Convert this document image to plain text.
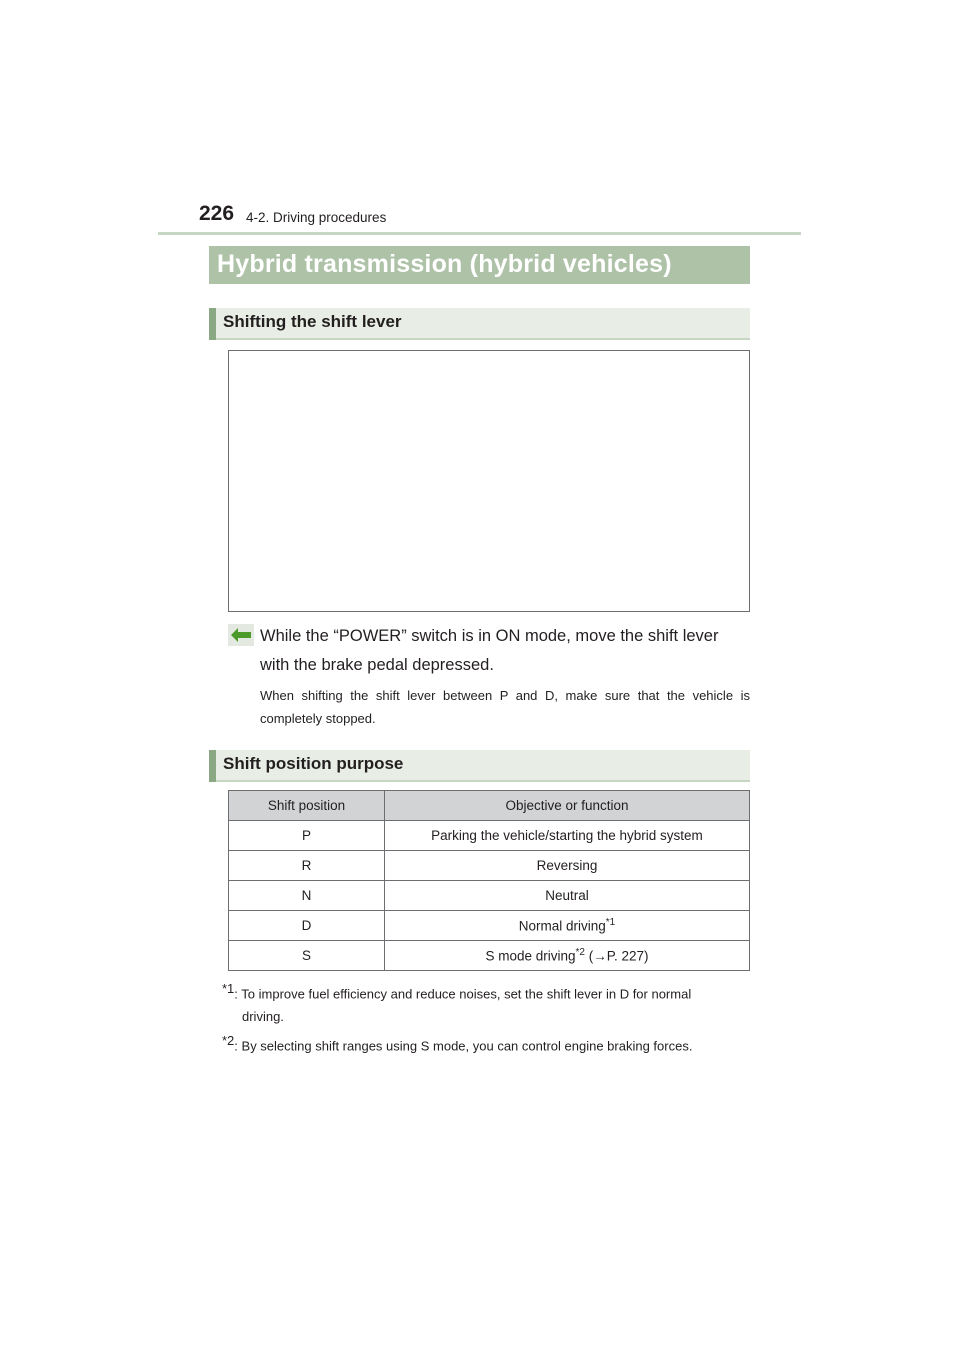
226 4-2. Driving procedures
Hybrid transmission (hybrid vehicles)
Shifting the shift lever
While the “POWER” switch is in ON mode, move the shift lever with the brake pedal depressed.
When shifting the shift lever between P and D, make sure that the vehicle is completely stopped.
Shift position purpose
Shift position	Objective or function
P	Parking the vehicle/starting the hybrid system
R	Reversing
N	Neutral
D	Normal driving$^{*1}$
S	S mode driving$^{*2}$ (→P. 227)
$^{*1}$: To improve fuel efficiency and reduce noises, set the shift lever in D for normal
driving.
$^{*2}$: By selecting shift ranges using S mode, you can control engine braking forces.
